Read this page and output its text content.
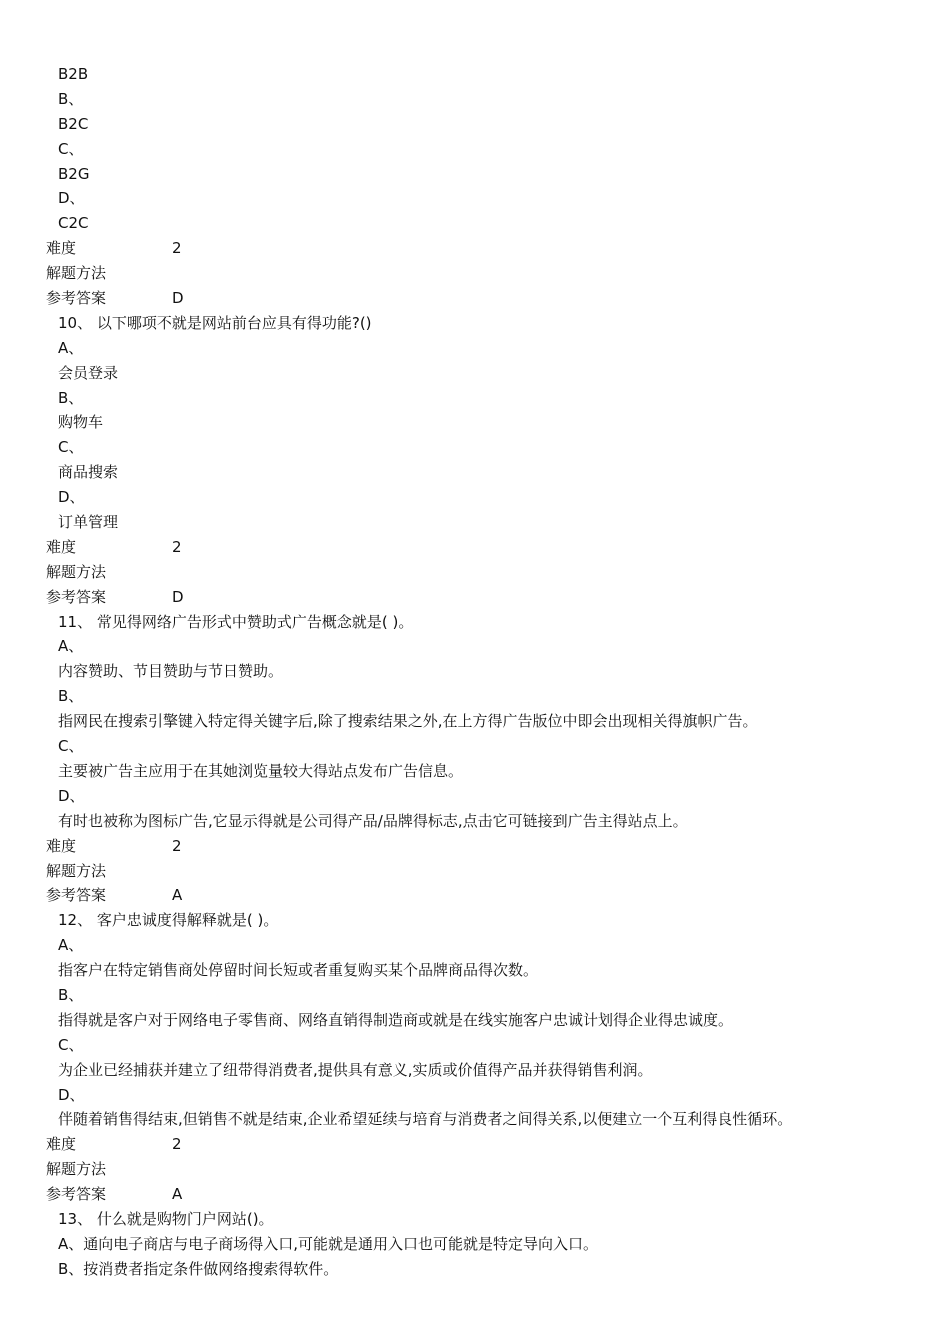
B2B
B、
B2C
C、
B2G
D、
C2C
难度	2
解题方法
参考答案	D
10、 以下哪项不就是网站前台应具有得功能?()
A、
会员登录
B、
购物车
C、
商品搜索
D、
订单管理
难度	2
解题方法
参考答案	D
11、 常见得网络广告形式中赞助式广告概念就是( )。
A、
内容赞助、节目赞助与节日赞助。
B、
指网民在搜索引擎键入特定得关键字后,除了搜索结果之外,在上方得广告版位中即会出现相关得旗帜广告。
C、
主要被广告主应用于在其她浏览量较大得站点发布广告信息。
D、
有时也被称为图标广告,它显示得就是公司得产品/品牌得标志,点击它可链接到广告主得站点上。
难度	2
解题方法
参考答案	A
12、 客户忠诚度得解释就是( )。
A、
指客户在特定销售商处停留时间长短或者重复购买某个品牌商品得次数。
B、
指得就是客户对于网络电子零售商、网络直销得制造商或就是在线实施客户忠诚计划得企业得忠诚度。
C、
为企业已经捕获并建立了纽带得消费者,提供具有意义,实质或价值得产品并获得销售利润。
D、
伴随着销售得结束,但销售不就是结束,企业希望延续与培育与消费者之间得关系,以便建立一个互利得良性循环。
难度	2
解题方法
参考答案	A
13、 什么就是购物门户网站()。
A、通向电子商店与电子商场得入口,可能就是通用入口也可能就是特定导向入口。
B、按消费者指定条件做网络搜索得软件。
